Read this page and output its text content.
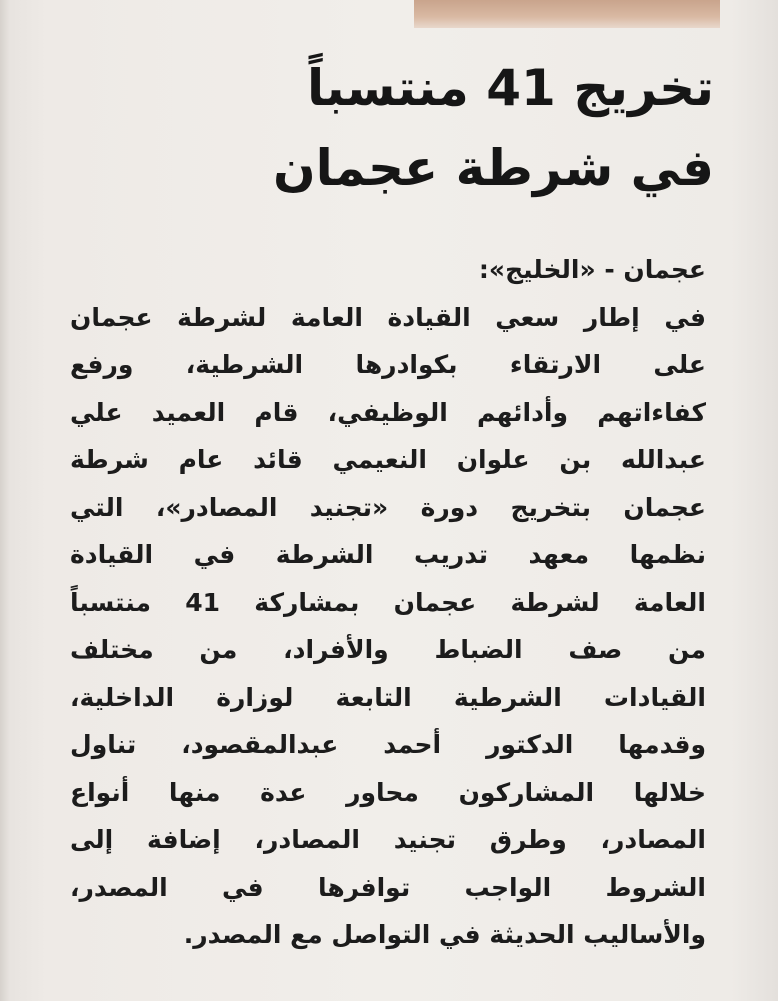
تخريج 41 منتسباً
في شرطة عجمان
عجمان - «الخليج»:
في إطار سعي القيادة العامة لشرطة عجمان
على الارتقاء بكوادرها الشرطية، ورفع
كفاءاتهم وأدائهم الوظيفي، قام العميد علي
عبدالله بن علوان النعيمي قائد عام شرطة
عجمان بتخريج دورة «تجنيد المصادر»، التي
نظمها معهد تدريب الشرطة في القيادة
العامة لشرطة عجمان بمشاركة 41 منتسباً
من صف الضباط والأفراد، من مختلف
القيادات الشرطية التابعة لوزارة الداخلية،
وقدمها الدكتور أحمد عبدالمقصود، تناول
خلالها المشاركون محاور عدة منها أنواع
المصادر، وطرق تجنيد المصادر، إضافة إلى
الشروط الواجب توافرها في المصدر،
والأساليب الحديثة في التواصل مع المصدر.
